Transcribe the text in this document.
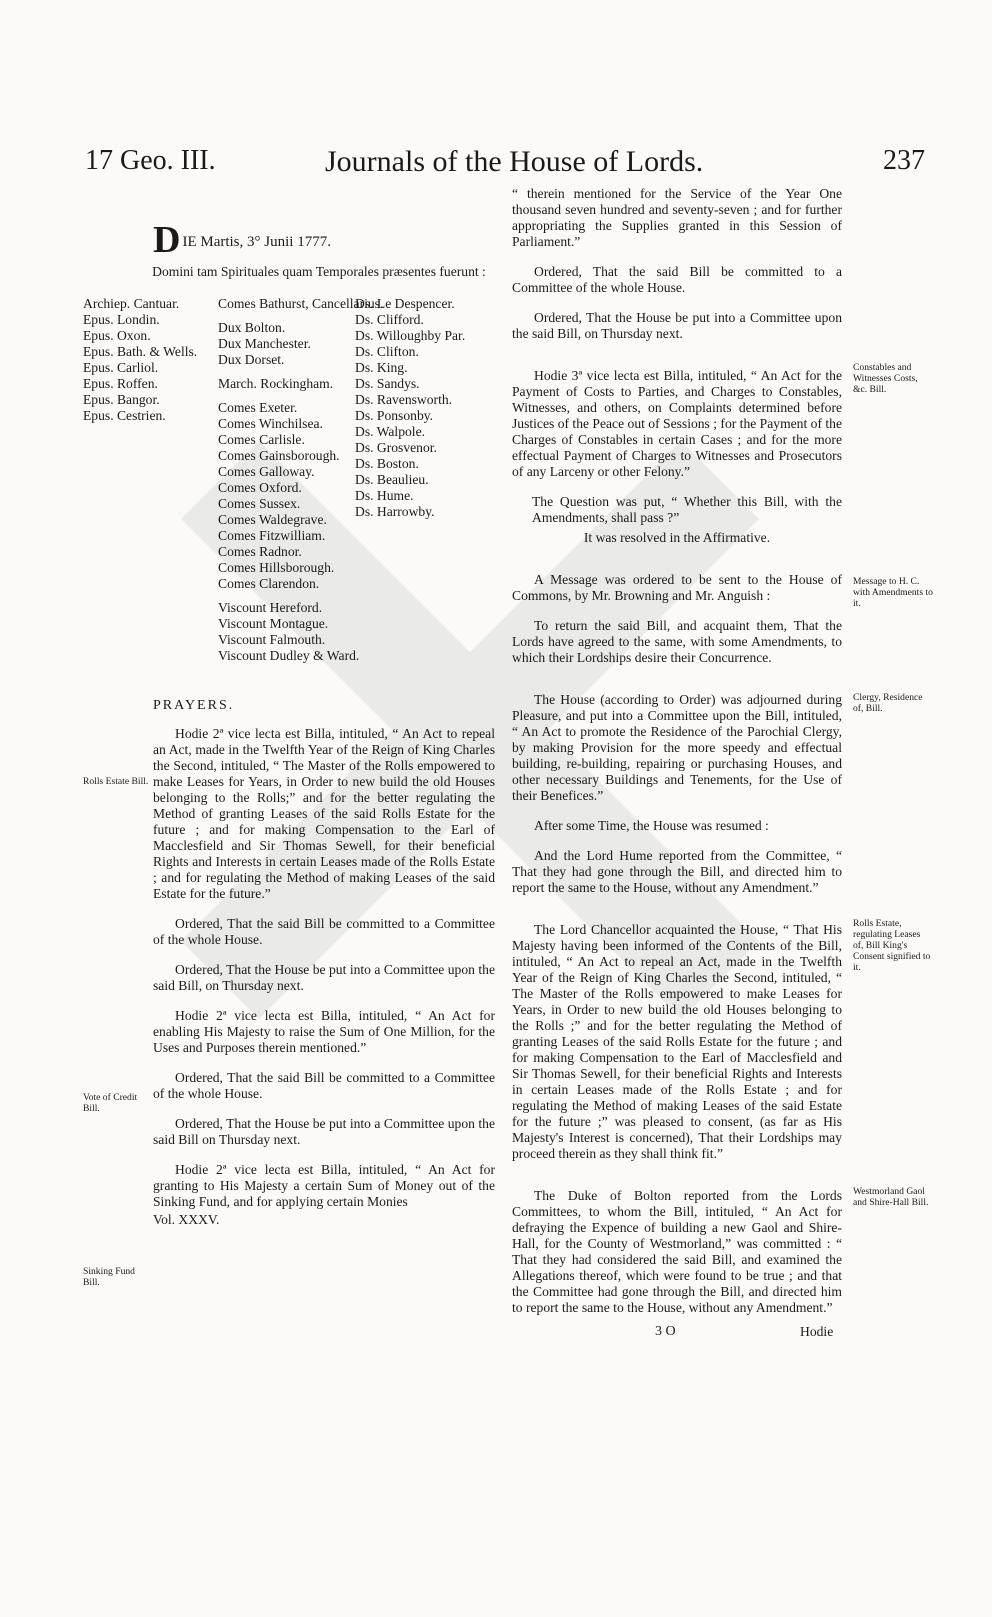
17 Geo. III.	Journals of the House of Lords.	237
DIE Martis, 3° Junii 1777.
Domini tam Spirituales quam Temporales præsentes fuerunt :
Archiep. Cantuar.
Epus. Londin.
Epus. Oxon.
Epus. Bath. & Wells.
Epus. Carliol.
Epus. Roffen.
Epus. Bangor.
Epus. Cestrien.
Comes Bathurst, Cancellarius.
Dux Bolton.
Dux Manchester.
Dux Dorset.
March. Rockingham.
Comes Exeter.
Comes Winchilsea.
Comes Carlisle.
Comes Gainsborough.
Comes Galloway.
Comes Oxford.
Comes Sussex.
Comes Waldegrave.
Comes Fitzwilliam.
Comes Radnor.
Comes Hillsborough.
Comes Clarendon.
Viscount Hereford.
Viscount Montague.
Viscount Falmouth.
Viscount Dudley & Ward.
Ds. Le Despencer.
Ds. Clifford.
Ds. Willoughby Par.
Ds. Clifton.
Ds. King.
Ds. Sandys.
Ds. Ravensworth.
Ds. Ponsonby.
Ds. Walpole.
Ds. Grosvenor.
Ds. Boston.
Ds. Beaulieu.
Ds. Hume.
Ds. Harrowby.
PRAYERS.

Hodie 2ª vice lecta est Billa, intituled, “ An Act to repeal an Act, made in the Twelfth Year of the Reign of King Charles the Second, intituled, “ The Master of the Rolls empowered to make Leases for Years, in Order to new build the old Houses belonging to the Rolls;” and for the better regulating the Method of granting Leases of the said Rolls Estate for the future ; and for making Compensation to the Earl of Macclesfield and Sir Thomas Sewell, for their beneficial Rights and Interests in certain Leases made of the Rolls Estate ; and for regulating the Method of making Leases of the said Estate for the future.”

Ordered, That the said Bill be committed to a Committee of the whole House.

Ordered, That the House be put into a Committee upon the said Bill, on Thursday next.

Hodie 2ª vice lecta est Billa, intituled, “ An Act for enabling His Majesty to raise the Sum of One Million, for the Uses and Purposes therein mentioned.”

Ordered, That the said Bill be committed to a Committee of the whole House.

Ordered, That the House be put into a Committee upon the said Bill on Thursday next.

Hodie 2ª vice lecta est Billa, intituled, “ An Act for granting to His Majesty a certain Sum of Money out of the Sinking Fund, and for applying certain Monies

Vol. XXXV.
Rolls Estate Bill.
Vote of Credit Bill.
Sinking Fund Bill.

“ therein mentioned for the Service of the Year One thousand seven hundred and seventy-seven ; and for further appropriating the Supplies granted in this Session of Parliament.”

Ordered, That the said Bill be committed to a Committee of the whole House.

Ordered, That the House be put into a Committee upon the said Bill, on Thursday next.

Hodie 3ª vice lecta est Billa, intituled, “ An Act for the Payment of Costs to Parties, and Charges to Constables, Witnesses, and others, on Complaints determined before Justices of the Peace out of Sessions ; for the Payment of the Charges of Constables in certain Cases ; and for the more effectual Payment of Charges to Witnesses and Prosecutors of any Larceny or other Felony.”

The Question was put, “ Whether this Bill, with the Amendments, shall pass ?”

It was resolved in the Affirmative.

A Message was ordered to be sent to the House of Commons, by Mr. Browning and Mr. Anguish :

To return the said Bill, and acquaint them, That the Lords have agreed to the same, with some Amendments, to which their Lordships desire their Concurrence.

The House (according to Order) was adjourned during Pleasure, and put into a Committee upon the Bill, intituled, “ An Act to promote the Residence of the Parochial Clergy, by making Provision for the more speedy and effectual building, re-building, repairing or purchasing Houses, and other necessary Buildings and Tenements, for the Use of their Benefices.”

After some Time, the House was resumed :

And the Lord Hume reported from the Committee, “ That they had gone through the Bill, and directed him to report the same to the House, without any Amendment.”

The Lord Chancellor acquainted the House, “ That His Majesty having been informed of the Contents of the Bill, intituled, “ An Act to repeal an Act, made in the Twelfth Year of the Reign of King Charles the Second, intituled, “ The Master of the Rolls empowered to make Leases for Years, in Order to new build the old Houses belonging to the Rolls ;” and for the better regulating the Method of granting Leases of the said Rolls Estate for the future ; and for making Compensation to the Earl of Macclesfield and Sir Thomas Sewell, for their beneficial Rights and Interests in certain Leases made of the Rolls Estate ; and for regulating the Method of making Leases of the said Estate for the future ;” was pleased to consent, (as far as His Majesty's Interest is concerned), That their Lordships may proceed therein as they shall think fit.”

The Duke of Bolton reported from the Lords Committees, to whom the Bill, intituled, “ An Act for defraying the Expence of building a new Gaol and Shire-Hall, for the County of Westmorland,” was committed : “ That they had considered the said Bill, and examined the Allegations thereof, which were found to be true ; and that the Committee had gone through the Bill, and directed him to report the same to the House, without any Amendment.”

Constables and Witnesses Costs, &c. Bill.
Message to H. C. with Amendments to it.
Clergy, Residence of, Bill.
Rolls Estate, regulating Leases of, Bill King's Consent signified to it.
Westmorland Gaol and Shire-Hall Bill.
3 O	Hodie
